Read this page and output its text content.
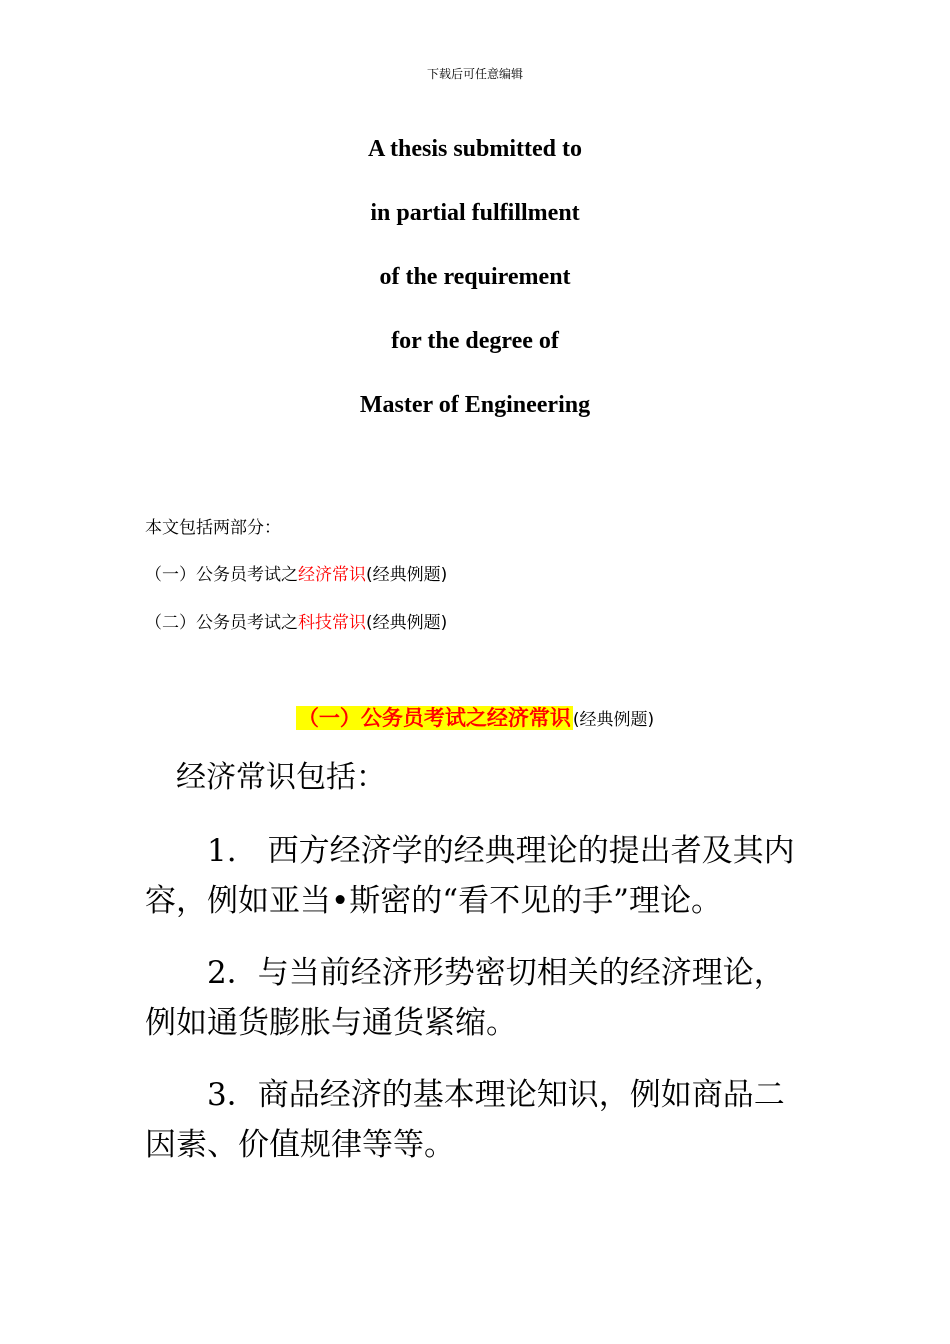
下载后可任意编辑
A thesis submitted to
in partial fulfillment
of the requirement
for the degree of
Master of Engineering
本文包括两部分：
（一）公务员考试之经济常识(经典例题)
（二）公务员考试之科技常识(经典例题)
（一）公务员考试之经济常识 (经典例题)
经济常识包括：
1.　西方经济学的经典理论的提出者及其内容，例如亚当•斯密的“看不见的手”理论。
2．与当前经济形势密切相关的经济理论，例如通货膨胀与通货紧缩。
3．商品经济的基本理论知识，例如商品二因素、价值规律等等。
